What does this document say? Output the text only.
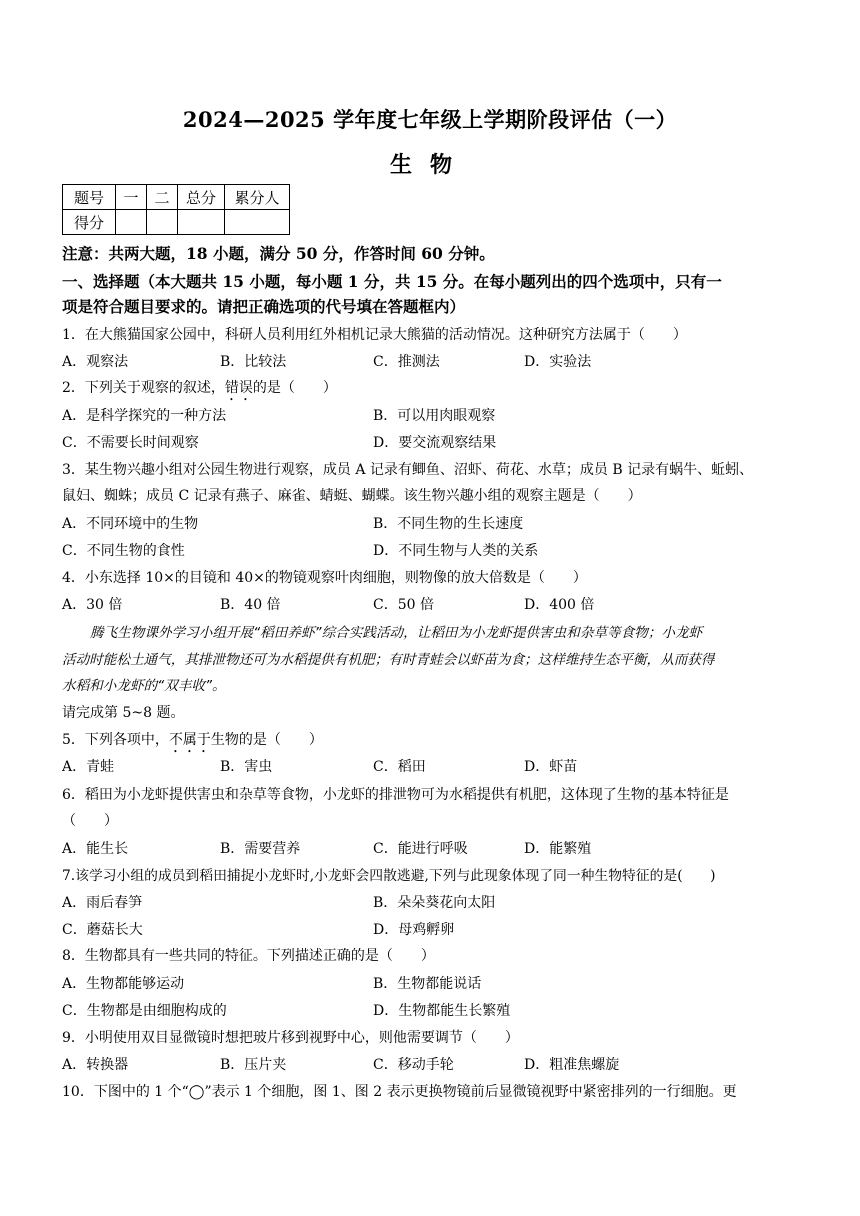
2024—2025 学年度七年级上学期阶段评估（一）
生物
题号	一	二	总分	累分人
得分				
注意：共两大题，18 小题，满分 50 分，作答时间 60 分钟。
一、选择题（本大题共 15 小题，每小题 1 分，共 15 分。在每小题列出的四个选项中，只有一
项是符合题目要求的。请把正确选项的代号填在答题框内）
1．在大熊猫国家公园中，科研人员利用红外相机记录大熊猫的活动情况。这种研究方法属于（　　）
A．观察法	B．比较法	C．推测法	D．实验法
2．下列关于观察的叙述，错误的是（　　）
A．是科学探究的一种方法	B．可以用肉眼观察
C．不需要长时间观察	D．要交流观察结果
3．某生物兴趣小组对公园生物进行观察，成员 A 记录有鲫鱼、沼虾、荷花、水草；成员 B 记录有蜗牛、蚯蚓、
鼠妇、蜘蛛；成员 C 记录有燕子、麻雀、蜻蜓、蝴蝶。该生物兴趣小组的观察主题是（　　）
A．不同环境中的生物	B．不同生物的生长速度
C．不同生物的食性	D．不同生物与人类的关系
4．小东选择 10×的目镜和 40×的物镜观察叶肉细胞，则物像的放大倍数是（　　）
A．30 倍	B．40 倍	C．50 倍	D．400 倍
腾飞生物课外学习小组开展“稻田养虾”综合实践活动，让稻田为小龙虾提供害虫和杂草等食物；小龙虾
活动时能松土通气，其排泄物还可为水稻提供有机肥；有时青蛙会以虾苗为食；这样维持生态平衡，从而获得
水稻和小龙虾的“双丰收”。
请完成第 5~8 题。
5．下列各项中，不属于生物的是（　　）
A．青蛙	B．害虫	C．稻田	D．虾苗
6．稻田为小龙虾提供害虫和杂草等食物，小龙虾的排泄物可为水稻提供有机肥，这体现了生物的基本特征是
（　　）
A．能生长	B．需要营养	C．能进行呼吸	D．能繁殖
7.该学习小组的成员到稻田捕捉小龙虾时,小龙虾会四散逃避,下列与此现象体现了同一种生物特征的是(　　)
A．雨后春笋	B．朵朵葵花向太阳
C．蘑菇长大	D．母鸡孵卵
8．生物都具有一些共同的特征。下列描述正确的是（　　）
A．生物都能够运动	B．生物都能说话
C．生物都是由细胞构成的	D．生物都能生长繁殖
9．小明使用双目显微镜时想把玻片移到视野中心，则他需要调节（　　）
A．转换器	B．压片夹	C．移动手轮	D．粗准焦螺旋
10．下图中的 1 个“◯”表示 1 个细胞，图 1、图 2 表示更换物镜前后显微镜视野中紧密排列的一行细胞。更
